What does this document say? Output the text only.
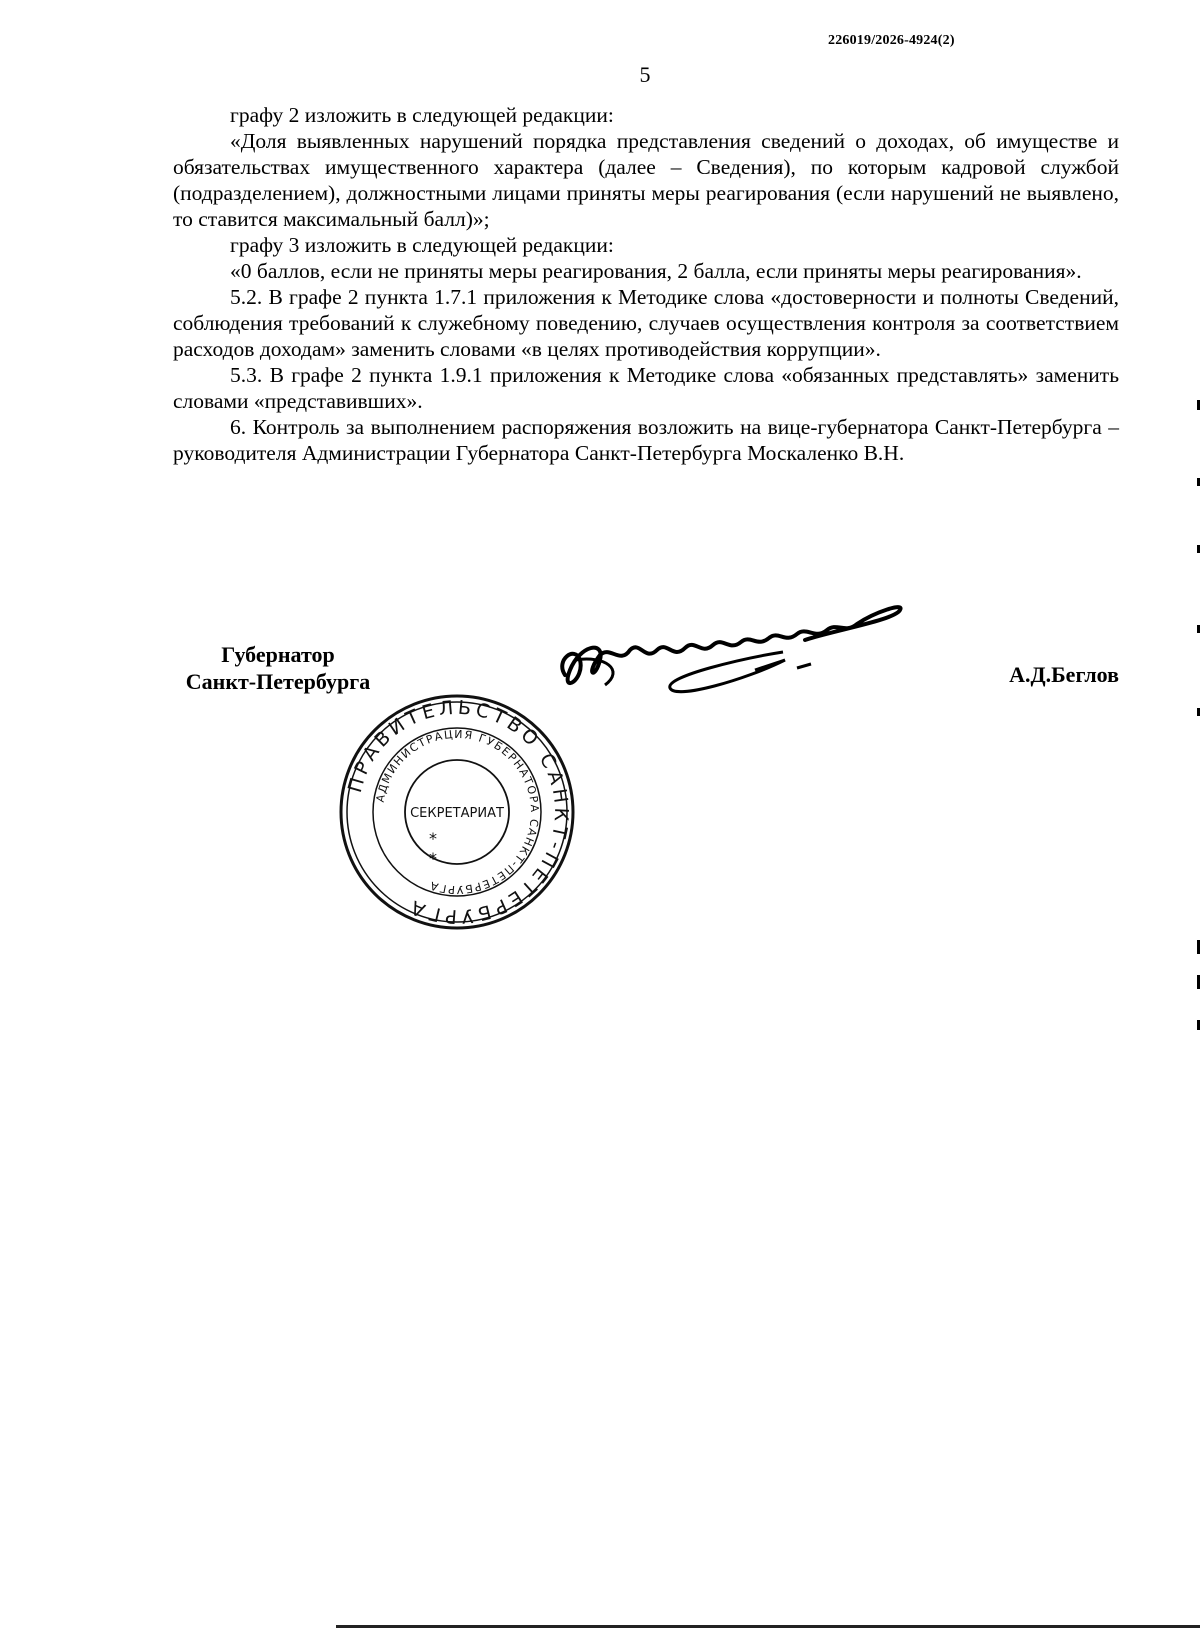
226019/2026-4924(2)
5

графу 2 изложить в следующей редакции:

«Доля выявленных нарушений порядка представления сведений о доходах, об имуществе и обязательствах имущественного характера (далее – Сведения), по которым кадровой службой (подразделением), должностными лицами приняты меры реагирования (если нарушений не выявлено, то ставится максимальный балл)»;

графу 3 изложить в следующей редакции:

«0 баллов, если не приняты меры реагирования, 2 балла, если приняты меры реагирования».

5.2. В графе 2 пункта 1.7.1 приложения к Методике слова «достоверности и полноты Сведений, соблюдения требований к служебному поведению, случаев осуществления контроля за соответствием расходов доходам» заменить словами «в целях противодействия коррупции».

5.3. В графе 2 пункта 1.9.1 приложения к Методике слова «обязанных представлять» заменить словами «представивших».

6. Контроль за выполнением распоряжения возложить на вице-губернатора Санкт-Петербурга – руководителя Администрации Губернатора Санкт-Петербурга Москаленко В.Н.

Губернатор
Санкт-Петербурга	А.Д.Беглов
ПРАВИТЕЛЬСТВО САНКТ-ПЕТЕРБУРГА
АДМИНИСТРАЦИЯ ГУБЕРНАТОРА САНКТ-ПЕТЕРБУРГА
СЕКРЕТАРИАТ
*
*
